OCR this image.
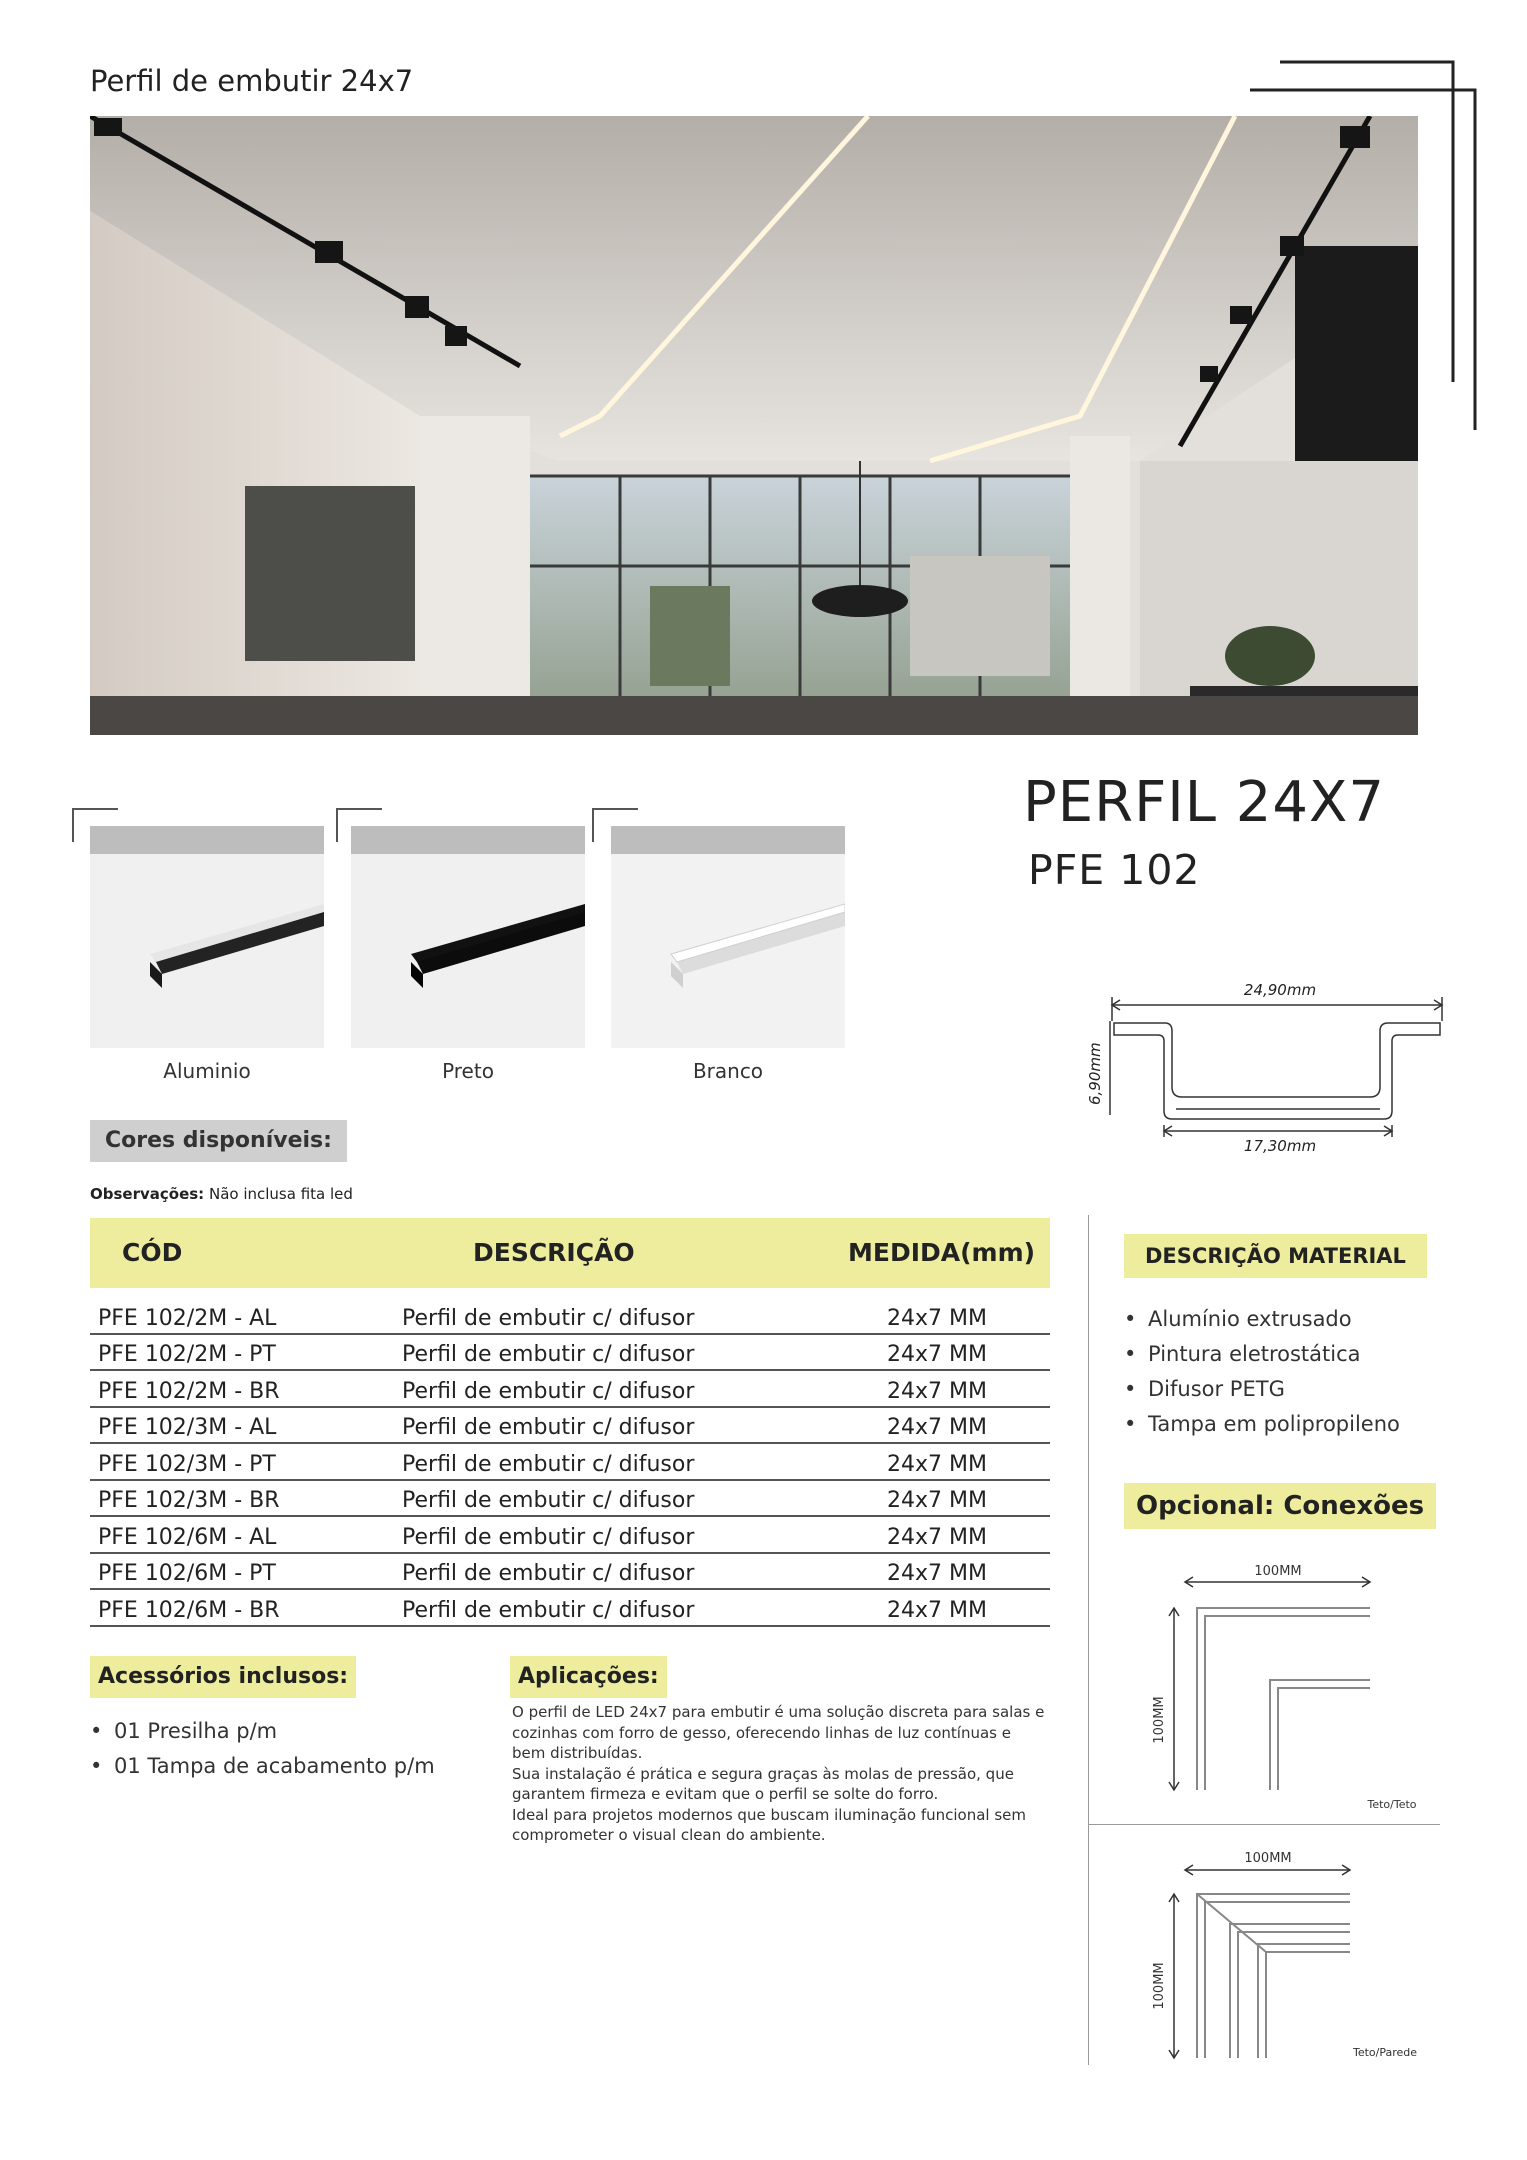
Perfil de embutir 24x7
PERFIL 24X7
PFE 102
Aluminio	Preto	Branco
Cores disponíveis:
24,90mm
17,30mm
6,90mm
Observações: Não inclusa fita led
CÓD	DESCRIÇÃO	MEDIDA(mm)
PFE 102/2M - AL	Perfil de embutir c/ difusor	24x7 MM
PFE 102/2M - PT	Perfil de embutir c/ difusor	24x7 MM
PFE 102/2M - BR	Perfil de embutir c/ difusor	24x7 MM
PFE 102/3M - AL	Perfil de embutir c/ difusor	24x7 MM
PFE 102/3M - PT	Perfil de embutir c/ difusor	24x7 MM
PFE 102/3M - BR	Perfil de embutir c/ difusor	24x7 MM
PFE 102/6M - AL	Perfil de embutir c/ difusor	24x7 MM
PFE 102/6M - PT	Perfil de embutir c/ difusor	24x7 MM
PFE 102/6M - BR	Perfil de embutir c/ difusor	24x7 MM
DESCRIÇÃO MATERIAL
• Alumínio extrusado
• Pintura eletrostática
• Difusor PETG
• Tampa em polipropileno
Opcional: Conexões
100MM
100MM
Teto/Teto
100MM
100MM
Teto/Parede
Acessórios inclusos:
• 01 Presilha p/m
• 01 Tampa de acabamento p/m
Aplicações:
O perfil de LED 24x7 para embutir é uma solução discreta para salas e
cozinhas com forro de gesso, oferecendo linhas de luz contínuas e
bem distribuídas.
Sua instalação é prática e segura graças às molas de pressão, que
garantem firmeza e evitam que o perfil se solte do forro.
Ideal para projetos modernos que buscam iluminação funcional sem
comprometer o visual clean do ambiente.
